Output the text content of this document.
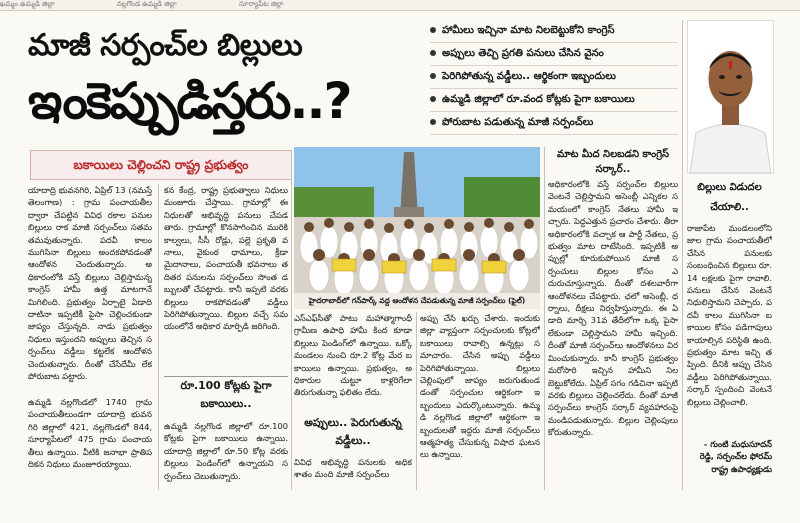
ఖమ్మం ఉమ్మడి జిల్లా	నల్లగొండ ఉమ్మడి జిల్లా	సూర్యాపేట జిల్లా
మాజీ సర్పంచ్‌ల బిల్లులు
ఇంకెప్పుడిస్తరు..?
హామీలు ఇచ్చినా మాట నిలబెట్టుకోని కాంగ్రెస్‌
అప్పులు తెచ్చి ప్రగతి పనులు చేసిన వైనం
పెరిగిపోతున్న వడ్డీలు.. ఆర్థికంగా ఇబ్బందులు
ఉమ్మడి జిల్లాలో రూ.వంద కోట్లకు పైగా బకాయిలు
పోరుబాట పడుతున్న మాజీ సర్పంచ్‌లు
బకాయిలు చెల్లించని రాష్ట్ర ప్రభుత్వం
యాదాద్రి భువనగిరి, ఏప్రిల్‌ 13 (నమస్తే తెలంగాణ) : గ్రామ పంచాయతీల ద్వారా చేపట్టిన వివిధ రకాల పనుల బిల్లులు రాక మాజీ సర్పంచ్‌లు సతమతమవుతున్నారు. పదవీ కాలం ముగిసినా బిల్లులు అందకపోవడంతో ఆందోళన చెందుతున్నారు. అధికారంలోకి వస్తే బిల్లులు చెల్లిస్తామన్న కాంగ్రెస్‌ హామీ ఉత్త మాటగానే మిగిలింది. ప్రభుత్వం ఏర్పాటై ఏడాది దాటినా ఇప్పటికీ పైసా చెల్లించకుండా జాప్యం చేస్తున్నది. నాడు ప్రభుత్వం నిధులు ఇస్తుందని అప్పులు తెచ్చిన సర్పంచ్‌లు వడ్డీలు కట్టలేక ఆందోళన చెందుతున్నారు. దీంతో చేసేదేమీ లేక పోరుబాట పట్టారు.
ఉమ్మడి నల్లగొండలో 1740 గ్రామ పంచాయతీలుండగా యాదాద్రి భువనగిరి జిల్లాలో 421, నల్లగొండలో 844, సూర్యాపేటలో 475 గ్రామ పంచాయతీలు ఉన్నాయి. వీటికి జనాభా ప్రాతిపదికన నిధులు మంజూరయ్యాయి.
కన కేంద్ర, రాష్ట్ర ప్రభుత్వాలు నిధులు మంజూరు చేస్తాయి. గ్రామాల్లో ఈ నిధులతో అభివృద్ధి పనులు చేపడతారు. గ్రామాల్లో కొనసాగించిన మురికి కాల్వలు, సీసీ రోడ్లు, పల్లె ప్రకృతి వనాలు, వైకుంఠ ధామాలు, క్రీడా మైదానాలు, పంచాయతీ భవనాలు తదితర పనులను సర్పంచ్‌లు సొంత డబ్బులతో చేపట్టారు. కానీ ఇప్పటి వరకు బిల్లులు రాకపోవడంతో వడ్డీలు పెరిగిపోతున్నాయి. బిల్లుల వచ్చే సమయంలోనే అధికార మార్పిడి జరిగింది.
రూ.100 కోట్లకు పైగా బకాయిలు..
ఉమ్మడి నల్లగొండ జిల్లాలో రూ.100 కోట్లకు పైగా బకాయిలు ఉన్నాయి. యాదాద్రి జిల్లాలో రూ.50 కోట్ల వరకు బిల్లులు పెండింగ్‌లో ఉన్నాయని సర్పంచ్‌లు చెబుతున్నారు.
హైదరాబాద్‌లో గన్‌పార్క్‌ వద్ద ఆందోళన చేపడుతున్న మాజీ సర్పంచ్‌లు (ఫైల్‌)
ఎస్‌ఎఫ్‌సీతో పాటు మహాత్మాగాంధీ గ్రామీణ ఉపాధి హామీ కింద కూడా బిల్లులు పెండింగ్‌లో ఉన్నాయి. ఒక్కో మండలం నుంచి రూ.2 కోట్ల మేర బకాయిలు ఉన్నాయి. ప్రభుత్వం, అధికారుల చుట్టూ కాళ్లరిగేలా తిరుగుతున్నా ఫలితం లేదు.
అప్పులు.. పెరుగుతున్న వడ్డీలు..
వివిధ అభివృద్ధి పనులకు అధిక శాతం మంది మాజీ సర్పంచ్‌లు
అప్పు చేసి ఖర్చు చేశారు. ఇందుకు జిల్లా వ్యాప్తంగా సర్పంచులకు కోట్లలో బకాయిలు రావాల్సి ఉన్నట్లు సమాచారం. చేసిన అప్పు వడ్డీలు పెరిగిపోతున్నాయి. బిల్లులు చెల్లింపులో జాప్యం జరుగుతుండడంతో సర్పంచుల ఆర్థికంగా ఇబ్బందులు ఎదుర్కొంటున్నారు. ఉమ్మడి నల్లగొండ జిల్లాలో ఆర్థికంగా ఇబ్బందులతో ఇద్దరు మాజీ సర్పంచ్‌లు ఆత్మహత్య చేసుకున్న విషాద ఘటనలు ఉన్నాయి.
మాట మీద నిలబడని కాంగ్రెస్‌ సర్కార్‌..
అధికారంలోకి వస్తే సర్పంచ్‌ల బిల్లులు వెంటనే చెల్లిస్తామని అసెంబ్లీ ఎన్నికల సమయంలో కాంగ్రెస్‌ నేతలు హామీ ఇచ్చారు. పెద్దఎత్తున ప్రచారం చేశారు. తీరా అధికారంలోకి వచ్చాక ఆ పార్టీ నేతలు, ప్రభుత్వం మాట దాటేసింది. ఇప్పటికీ అప్పుల్లో కూరుకుపోయిన మాజీ సర్పంచులు బిల్లుల కోసం ఎదురుచూస్తున్నారు. దీంతో దశలవారీగా ఆందోళనలు చేపట్టారు. ఛలో అసెంబ్లీ, ధర్నాలు, దీక్షలు నిర్వహిస్తున్నారు. ఈ ఏడాది మార్చి 31వ తేదీలోగా ఒక్క పైసా లేకుండా చెల్లిస్తామని హామీ ఇచ్చింది. దీంతో మాజీ సర్పంచ్‌లు ఆందోళనలు విరమించుకున్నారు. కానీ కాంగ్రెస్‌ ప్రభుత్వం మరోసారి ఇచ్చిన హామీని నిలబెట్టుకోలేదు. ఏప్రిల్‌ సగం గడిచినా ఇప్పటి వరకు బిల్లులు చెల్లించలేదు. దీంతో మాజీ సర్పంచ్‌లు కాంగ్రెస్‌ సర్కార్‌ వ్యవహారంపై మండిపడుతున్నారు. బిల్లుల చెల్లింపులు కోరుతున్నారు.
బిల్లులు విడుదల చేయాలి..
రాజాపేట మండలంలోని జాల గ్రామ పంచాయతీలో చేసిన పనులకు సంబంధించిన బిల్లులు రూ.14 లక్షలకు పైగా రావాలి. పనులు చేసిన వెంటనే నిధులిస్తామని చెప్పారు. పదవీ కాలం ముగిసినా బకాయిల కోసం పడిగాపులు కాయాల్సిన పరిస్థితి ఉంది. ప్రభుత్వం మాట ఇచ్చి తప్పింది. దీనికి అప్పు చేసిన వడ్డీలు పెరిగిపోతున్నాయి. సర్కార్‌ స్పందించి వెంటనే బిల్లులు చెల్లించాలి.
- గుంటి మధుసూదన్‌ రెడ్డి, సర్పంచ్‌ల ఫోరమ్‌ రాష్ట్ర ఉపాధ్యక్షుడు
